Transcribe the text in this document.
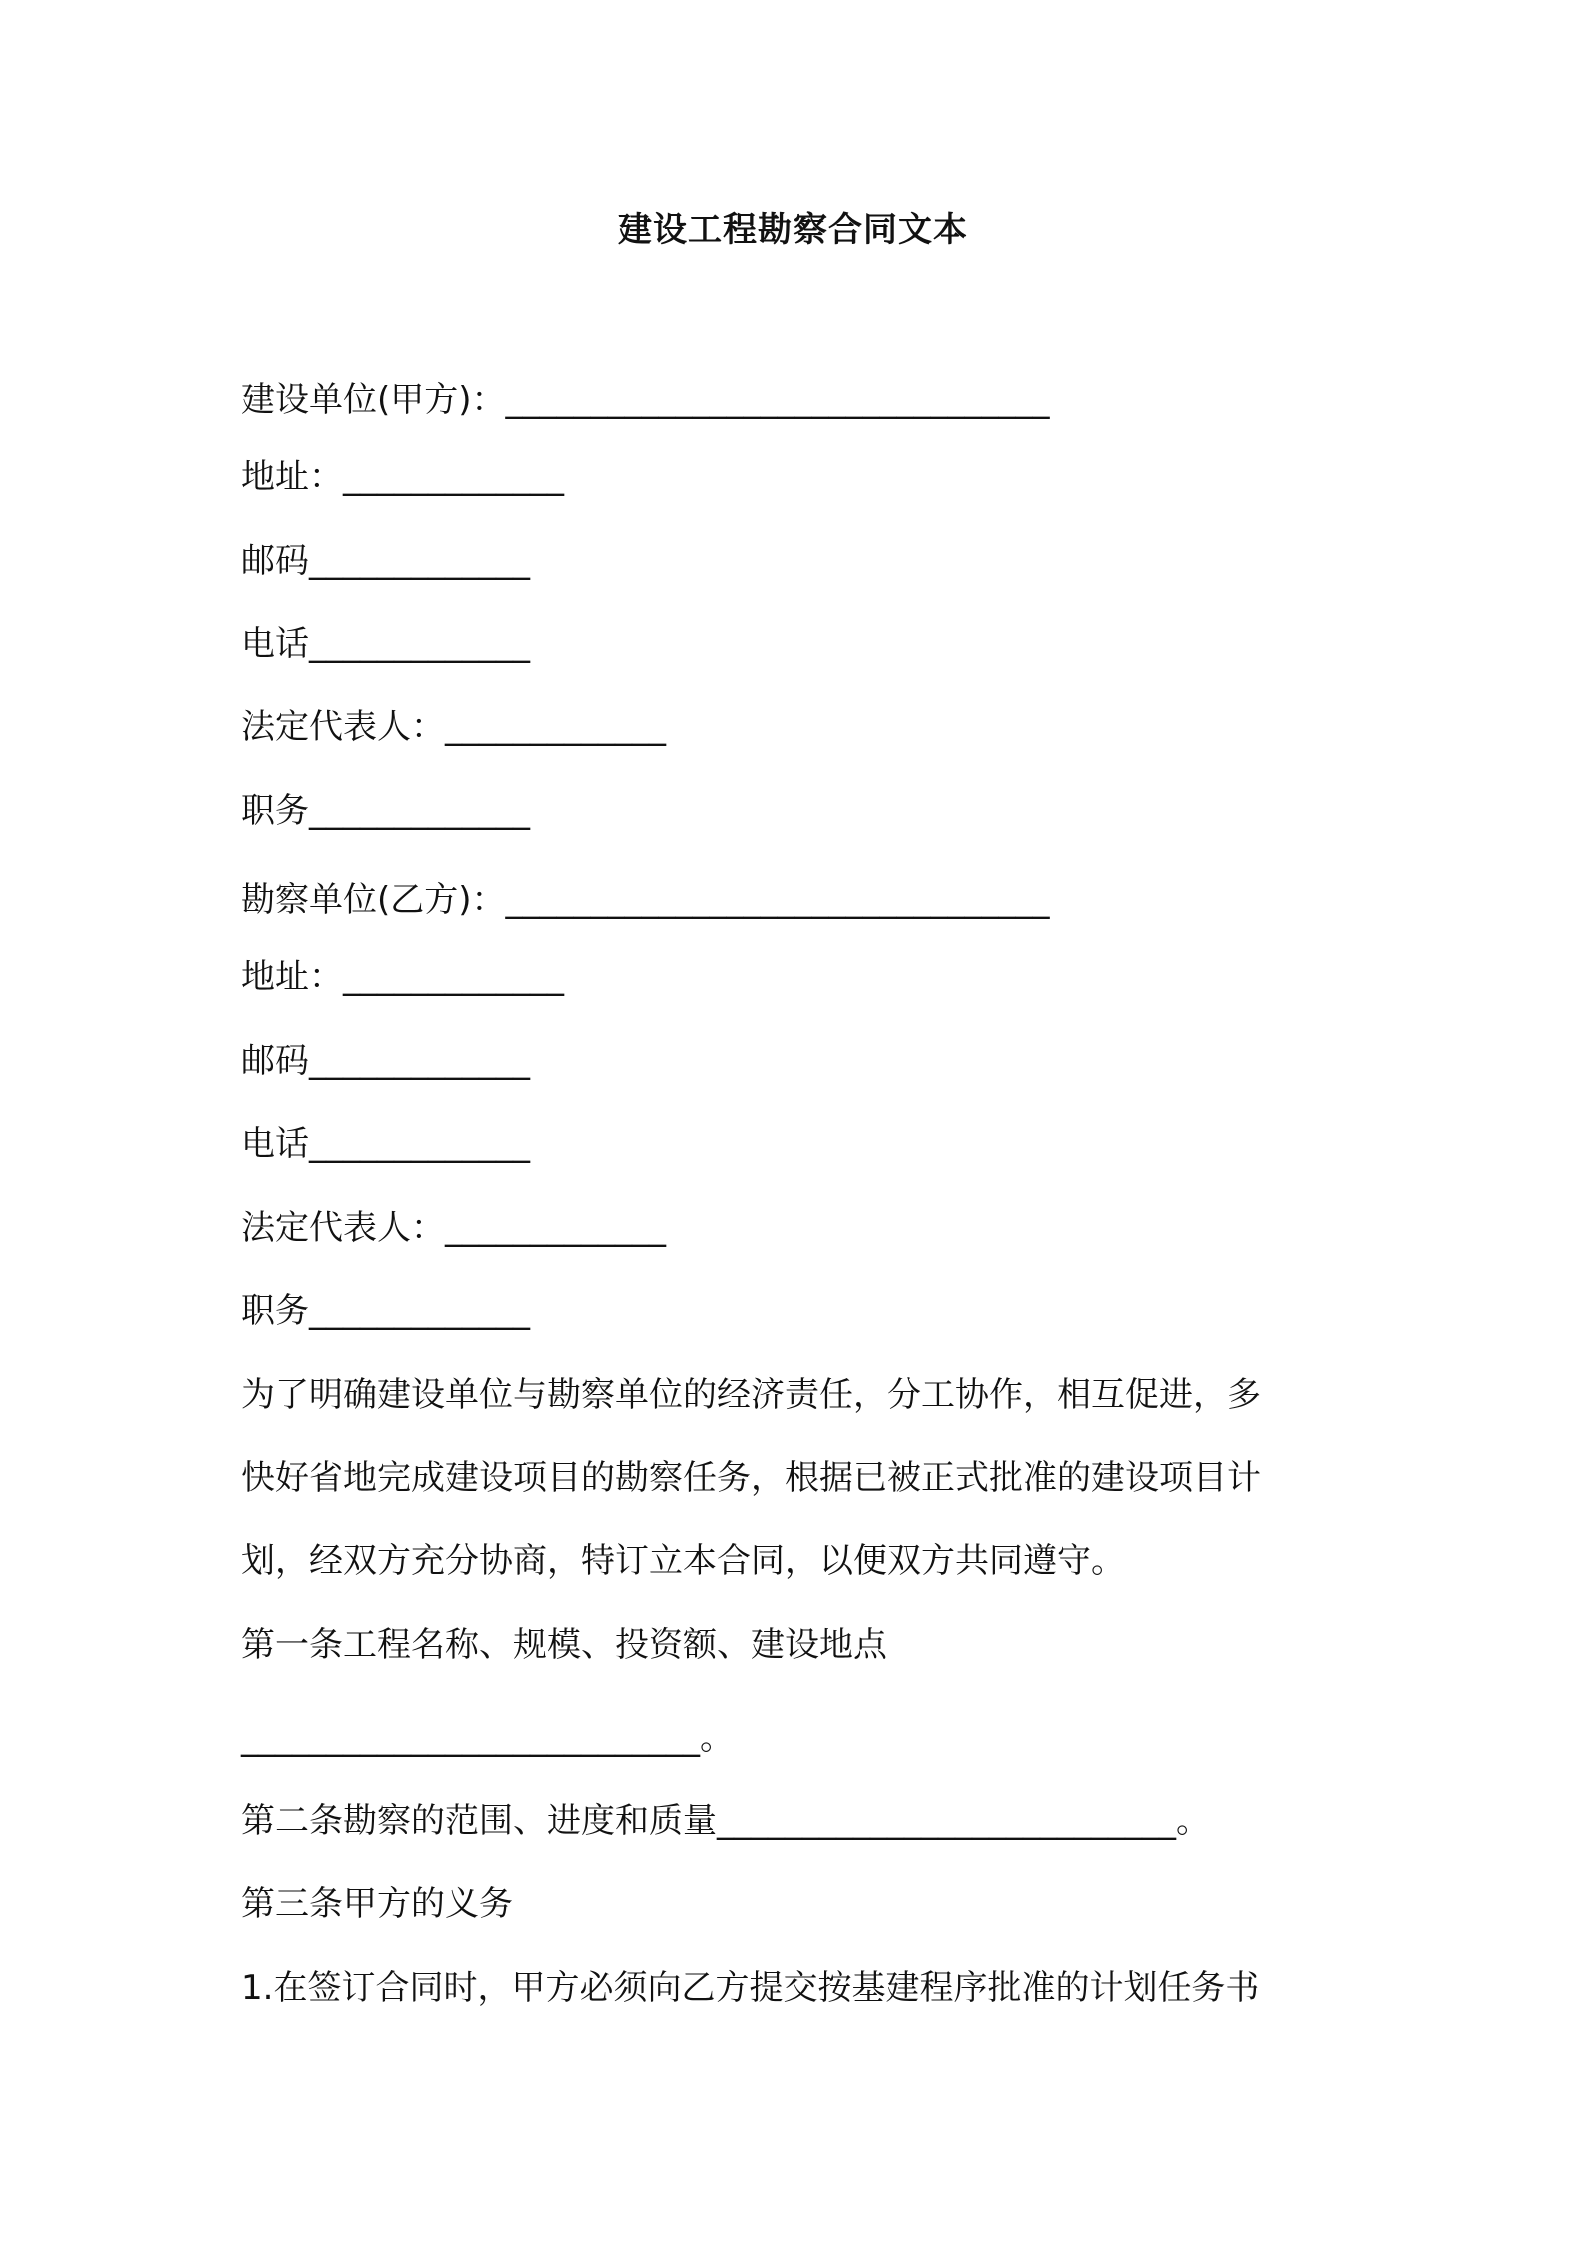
建设工程勘察合同文本
建设单位(甲方)：________________________________
地址：_____________
邮码_____________
电话_____________
法定代表人：_____________
职务_____________
勘察单位(乙方)：________________________________
地址：_____________
邮码_____________
电话_____________
法定代表人：_____________
职务_____________
为了明确建设单位与勘察单位的经济责任，分工协作，相互促进，多
快好省地完成建设项目的勘察任务，根据已被正式批准的建设项目计
划，经双方充分协商，特订立本合同，以便双方共同遵守。
第一条工程名称、规模、投资额、建设地点
___________________________。
第二条勘察的范围、进度和质量___________________________。
第三条甲方的义务
1.在签订合同时，甲方必须向乙方提交按基建程序批准的计划任务书
